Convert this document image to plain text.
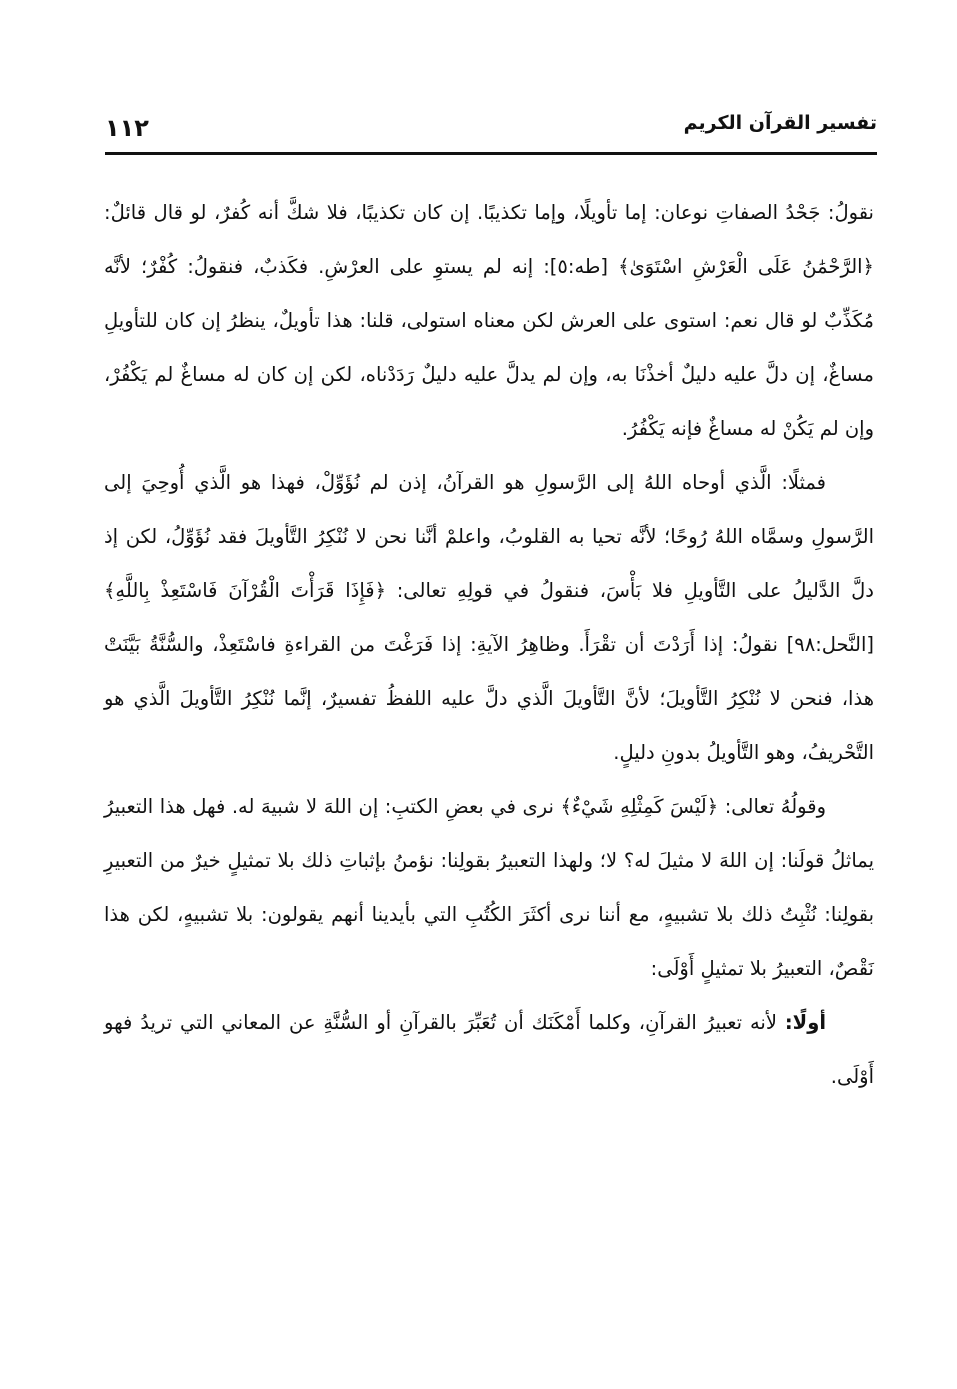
تفسير القرآن الكريم
١١٢

نقولُ: جَحْدُ الصفاتِ نوعان: إما تأويلًا، وإما تكذيبًا. إن كان تكذيبًا، فلا شكَّ أنه كُفرٌ، لو قال قائلٌ: ﴿الرَّحْمَٰنُ عَلَى الْعَرْشِ اسْتَوَىٰ﴾ [طه:٥]: إنه لم يستوِ على العرْشِ. فكَذبٌ، فنقولُ: كُفْرٌ؛ لأنَّه مُكَذِّبٌ لو قال نعم: استوى على العرش لكن معناه استولى، قلنا: هذا تأويلٌ، ينظرُ إن كان للتأويلِ مساغٌ، إن دلَّ عليه دليلٌ أخذْنَا به، وإن لم يدلَّ عليه دليلٌ رَدَدْناه، لكن إن كان له مساغٌ لم يَكْفُرْ، وإن لم يَكُنْ له مساغٌ فإنه يَكْفُرُ.

فمثلًا: الَّذي أوحاه اللهُ إلى الرَّسولِ هو القرآنُ، إذن لم نُؤَوِّلْ، فهذا هو الَّذي أُوحِيَ إلى الرَّسولِ وسمَّاه اللهُ رُوحًا؛ لأنَّه تحيا به القلوبُ، واعلمْ أنَّنا نحن لا نُنْكِرُ التَّأويلَ فقد نُؤَوِّلُ، لكن إذ دلَّ الدَّليلُ على التَّأويلِ فلا بَأْسَ، فنقولُ في قولِهِ تعالى: ﴿فَإِذَا قَرَأْتَ الْقُرْآنَ فَاسْتَعِذْ بِاللَّهِ﴾ [النَّحل:٩٨] نقولُ: إذا أَرَدْتَ أن تقْرَأَ. وظاهِرُ الآيةِ: إذا فَرَغْتَ من القراءةِ فاسْتَعِذْ، والسُّنَّةُ بَيَّنَتْ هذا، فنحن لا نُنْكِرُ التَّأويلَ؛ لأنَّ التَّأويلَ الَّذي دلَّ عليه اللفظُ تفسيرٌ، إنَّما نُنْكِرُ التَّأويلَ الَّذي هو التَّحْريفُ، وهو التَّأويلُ بدونِ دليلٍ.

وقولُهُ تعالى: ﴿لَيْسَ كَمِثْلِهِ شَيْءٌ﴾ نرى في بعضِ الكتبِ: إن اللهَ لا شبيهَ له. فهل هذا التعبيرُ يماثلُ قولَنا: إن اللهَ لا مثيلَ له؟ لا؛ ولهذا التعبيرُ بقولِنا: نؤمنُ بإثباتِ ذلك بلا تمثيلٍ خيرٌ من التعبيرِ بقولِنا: نُثْبِتُ ذلك بلا تشبيهٍ، مع أننا نرى أكثَرَ الكُتُبِ التي بأيدينا أنهم يقولون: بلا تشبيهٍ، لكن هذا نَقْصٌ، التعبيرُ بلا تمثيلٍ أَوْلَى:

أولًا: لأنه تعبيرُ القرآنِ، وكلما أَمْكَنَك أن تُعَبِّرَ بالقرآنِ أو السُّنَّةِ عن المعاني التي تريدُ فهو أَوْلَى.
